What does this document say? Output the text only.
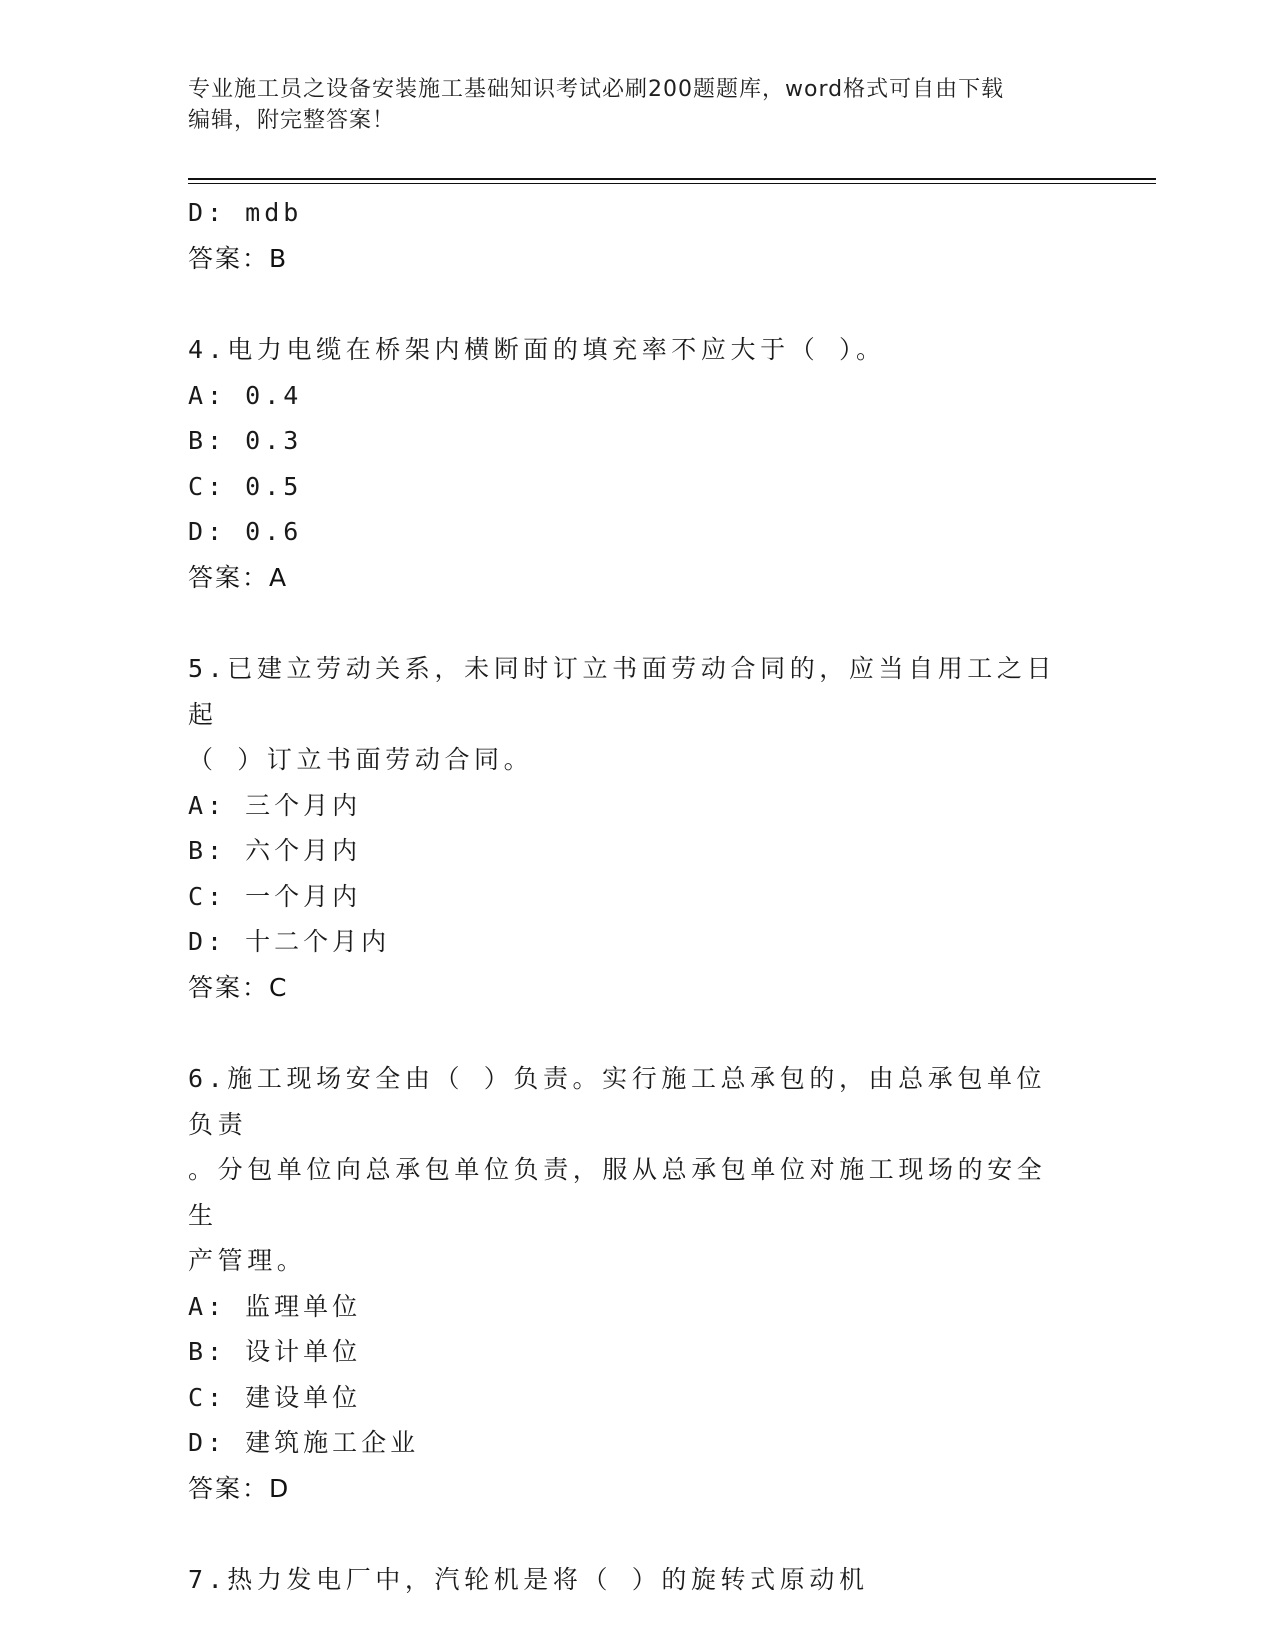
专业施工员之设备安装施工基础知识考试必刷200题题库，word格式可自由下载
编辑，附完整答案！
D: mdb
答案：B
4.电力电缆在桥架内横断面的填充率不应大于（ ）。
A: 0.4
B: 0.3
C: 0.5
D: 0.6
答案：A
5.已建立劳动关系，未同时订立书面劳动合同的，应当自用工之日起
（ ）订立书面劳动合同。
A: 三个月内
B: 六个月内
C: 一个月内
D: 十二个月内
答案：C
6.施工现场安全由（ ）负责。实行施工总承包的，由总承包单位负责
。分包单位向总承包单位负责，服从总承包单位对施工现场的安全生
产管理。
A: 监理单位
B: 设计单位
C: 建设单位
D: 建筑施工企业
答案：D
7.热力发电厂中，汽轮机是将（ ）的旋转式原动机
